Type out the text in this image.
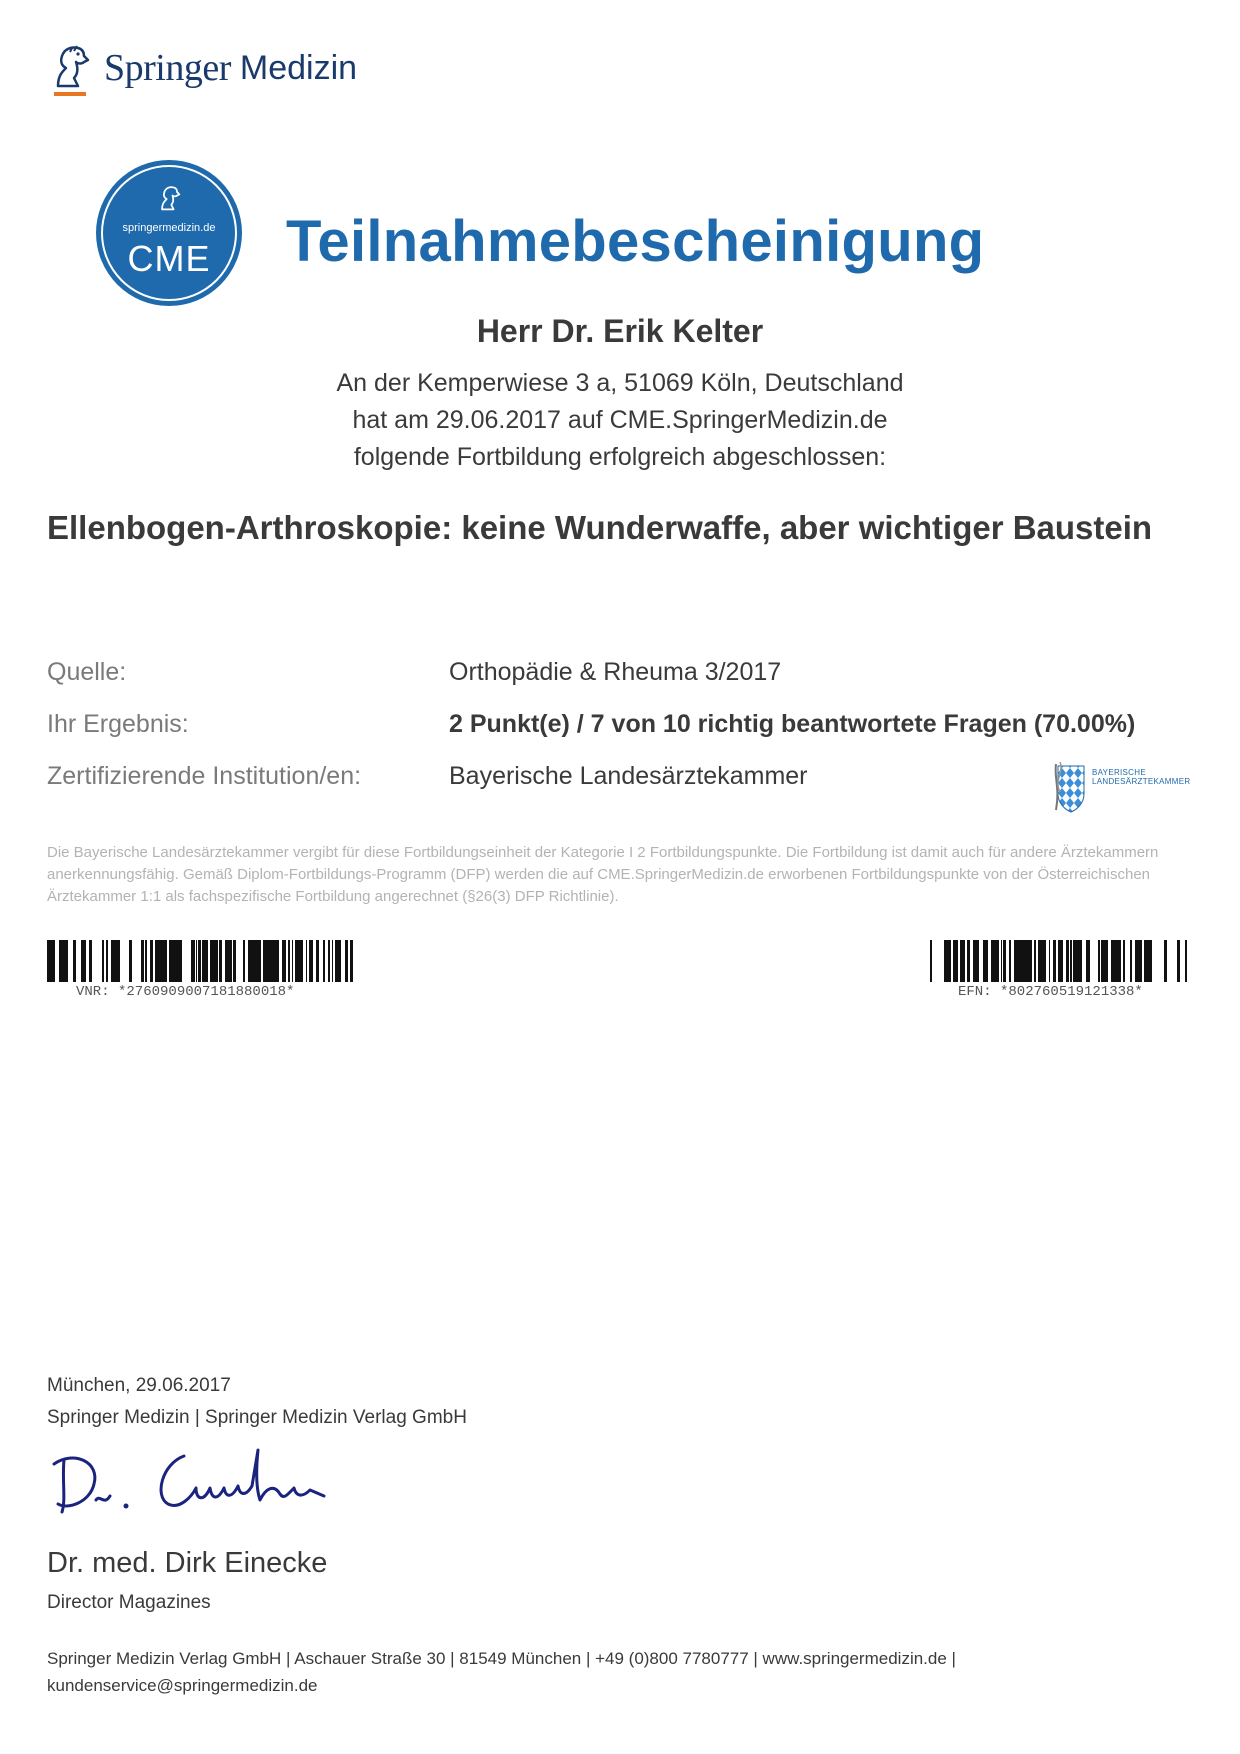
Springer Medizin
springermedizin.de
CME	Teilnahmebescheinigung
Herr Dr. Erik Kelter
An der Kemperwiese 3 a, 51069 Köln, Deutschland
hat am 29.06.2017 auf CME.SpringerMedizin.de
folgende Fortbildung erfolgreich abgeschlossen:
Ellenbogen-Arthroskopie: keine Wunderwaffe, aber wichtiger Baustein
Quelle:	Orthopädie & Rheuma 3/2017
Ihr Ergebnis:	2 Punkt(e) / 7 von 10 richtig beantwortete Fragen (70.00%)
Zertifizierende Institution/en:	Bayerische Landesärztekammer	BAYERISCHE
LANDESÄRZTEKAMMER
Die Bayerische Landesärztekammer vergibt für diese Fortbildungseinheit der Kategorie I 2 Fortbildungspunkte. Die Fortbildung ist damit auch für andere Ärztekammern anerkennungsfähig. Gemäß Diplom-Fortbildungs-Programm (DFP) werden die auf CME.SpringerMedizin.de erworbenen Fortbildungspunkte von der Österreichischen Ärztekammer 1:1 als fachspezifische Fortbildung angerechnet (§26(3) DFP Richtlinie).
VNR: *2760909007181880018*	EFN: *802760519121338*
München, 29.06.2017
Springer Medizin | Springer Medizin Verlag GmbH
Dr. med. Dirk Einecke
Director Magazines
Springer Medizin Verlag GmbH | Aschauer Straße 30 | 81549 München | +49 (0)800 7780777 | www.springermedizin.de |
kundenservice@springermedizin.de
